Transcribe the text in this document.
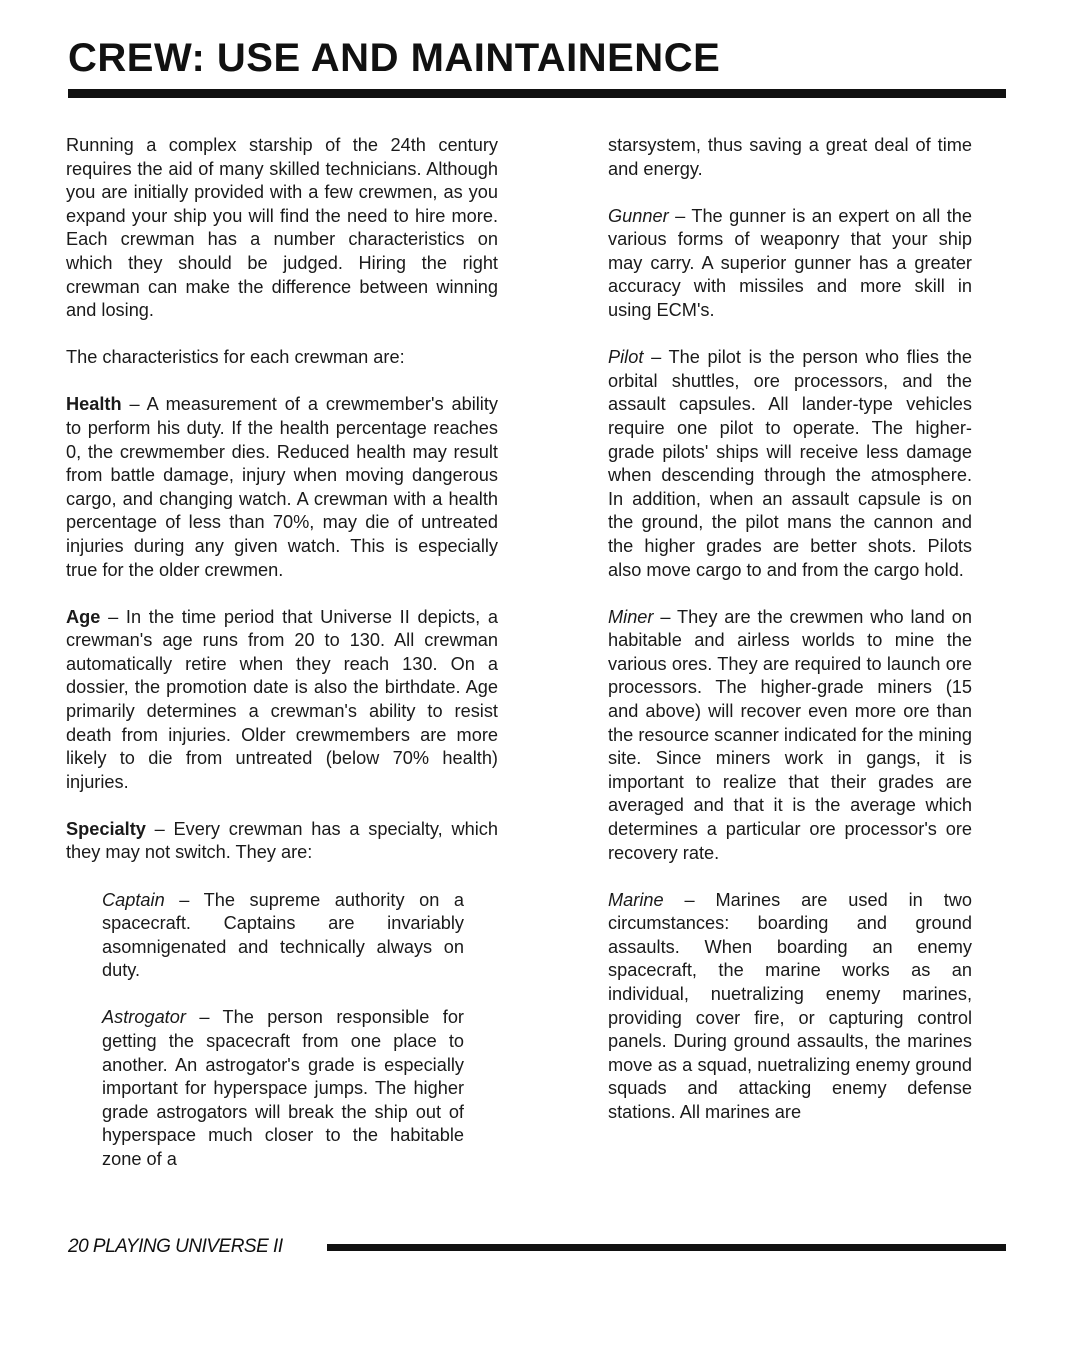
CREW: USE AND MAINTAINENCE

Running a complex starship of the 24th century requires the aid of many skilled technicians. Although you are initially provided with a few crewmen, as you expand your ship you will find the need to hire more. Each crewman has a number characteristics on which they should be judged. Hiring the right crewman can make the difference between winning and losing.

The characteristics for each crewman are:

Health – A measurement of a crewmember's ability to perform his duty. If the health percentage reaches 0, the crewmember dies. Reduced health may result from battle damage, injury when moving dangerous cargo, and changing watch. A crewman with a health percentage of less than 70%, may die of untreated injuries during any given watch. This is especially true for the older crewmen.

Age – In the time period that Universe II depicts, a crewman's age runs from 20 to 130. All crewman automatically retire when they reach 130. On a dossier, the promotion date is also the birthdate. Age primarily determines a crewman's ability to resist death from injuries. Older crewmembers are more likely to die from untreated (below 70% health) injuries.

Specialty – Every crewman has a specialty, which they may not switch. They are:

Captain – The supreme authority on a spacecraft. Captains are invariably asomnigenated and technically always on duty.

Astrogator – The person responsible for getting the spacecraft from one place to another. An astrogator's grade is especially important for hyperspace jumps. The higher grade astrogators will break the ship out of hyperspace much closer to the habitable zone of a

starsystem, thus saving a great deal of time and energy.

Gunner – The gunner is an expert on all the various forms of weaponry that your ship may carry. A superior gunner has a greater accuracy with missiles and more skill in using ECM's.

Pilot – The pilot is the person who flies the orbital shuttles, ore processors, and the assault capsules. All lander-type vehicles require one pilot to operate. The higher-grade pilots' ships will receive less damage when descending through the atmosphere. In addition, when an assault capsule is on the ground, the pilot mans the cannon and the higher grades are better shots. Pilots also move cargo to and from the cargo hold.

Miner – They are the crewmen who land on habitable and airless worlds to mine the various ores. They are required to launch ore processors. The higher-grade miners (15 and above) will recover even more ore than the resource scanner indicated for the mining site. Since miners work in gangs, it is important to realize that their grades are averaged and that it is the average which determines a particular ore processor's ore recovery rate.

Marine – Marines are used in two circumstances: boarding and ground assaults. When boarding an enemy spacecraft, the marine works as an individual, nuetralizing enemy marines, providing cover fire, or capturing control panels. During ground assaults, the marines move as a squad, nuetralizing enemy ground squads and attacking enemy defense stations. All marines are

20 PLAYING UNIVERSE II
